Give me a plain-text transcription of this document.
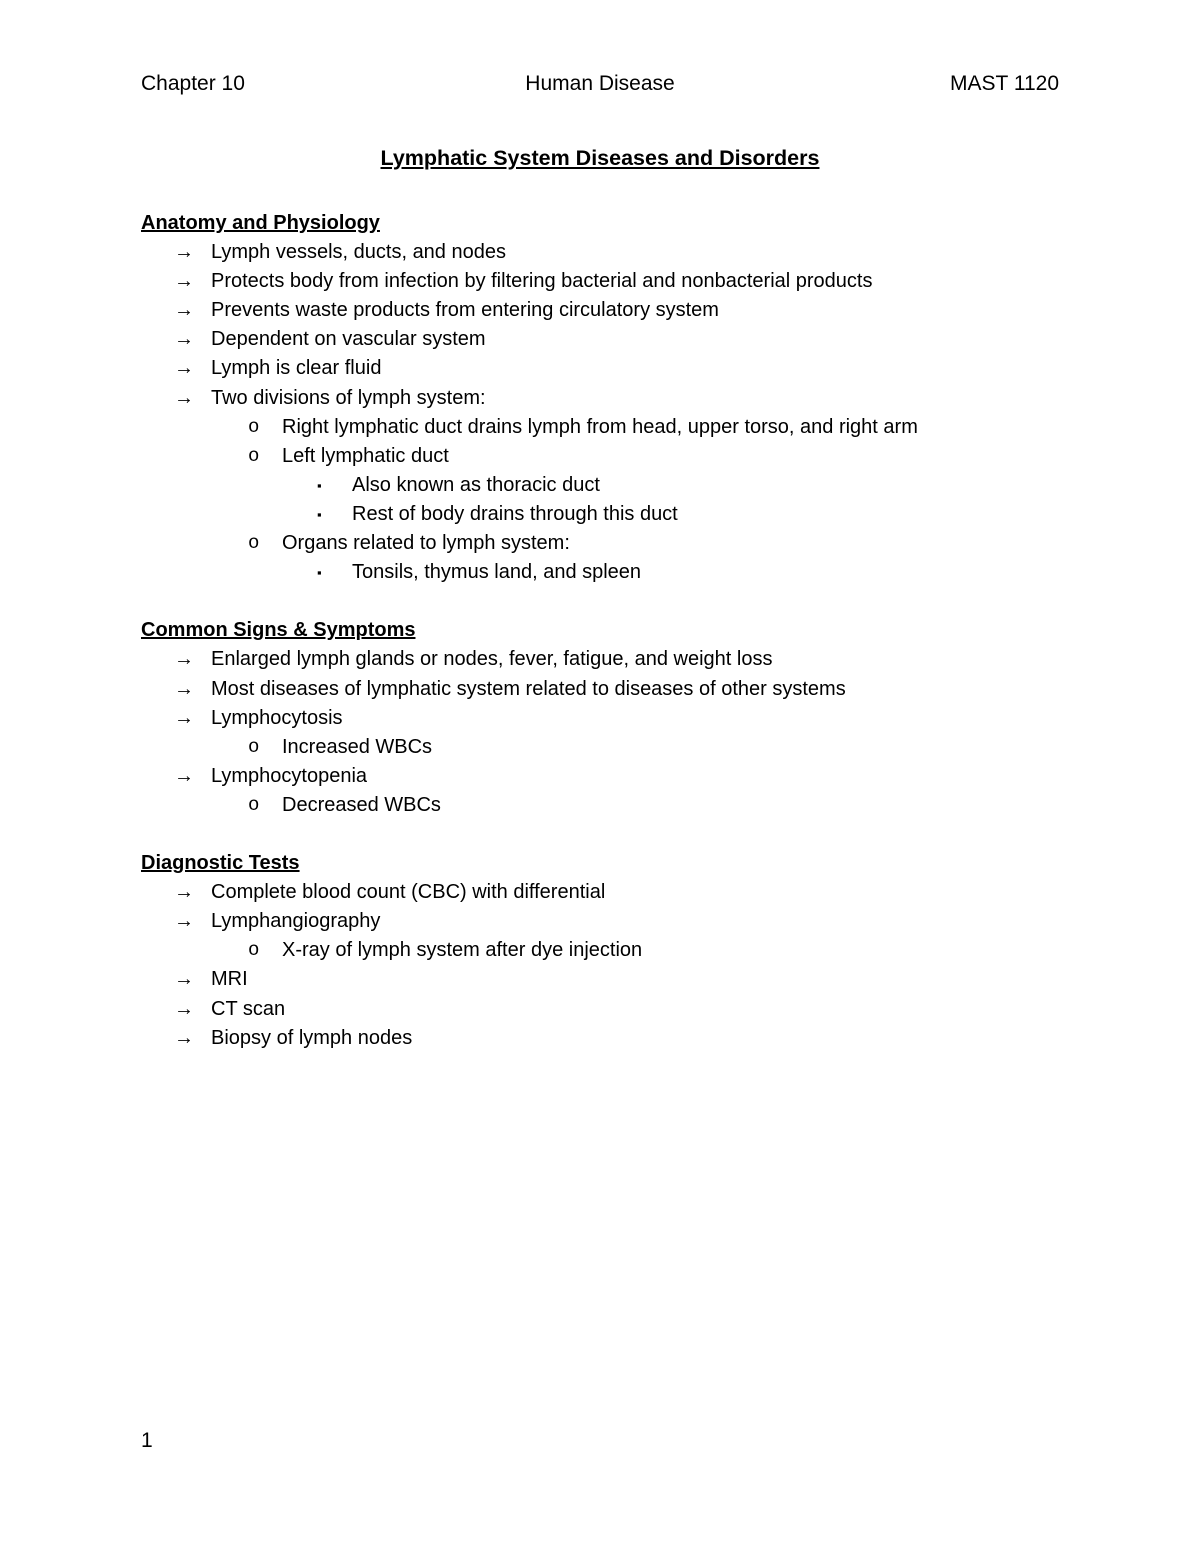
Chapter 10	Human Disease	MAST 1120
Lymphatic System Diseases and Disorders
Anatomy and Physiology
→ Lymph vessels, ducts, and nodes
→ Protects body from infection by filtering bacterial and nonbacterial products
→ Prevents waste products from entering circulatory system
→ Dependent on vascular system
→ Lymph is clear fluid
→ Two divisions of lymph system:
o	Right lymphatic duct drains lymph from head, upper torso, and right arm
o	Left lymphatic duct
▪	Also known as thoracic duct
▪	Rest of body drains through this duct
o	Organs related to lymph system:
▪	Tonsils, thymus land, and spleen
Common Signs & Symptoms
→ Enlarged lymph glands or nodes, fever, fatigue, and weight loss
→ Most diseases of lymphatic system related to diseases of other systems
→ Lymphocytosis
o	Increased WBCs
→ Lymphocytopenia
o	Decreased WBCs
Diagnostic Tests
→ Complete blood count (CBC) with differential
→ Lymphangiography
o	X-ray of lymph system after dye injection
→ MRI
→ CT scan
→ Biopsy of lymph nodes
1
